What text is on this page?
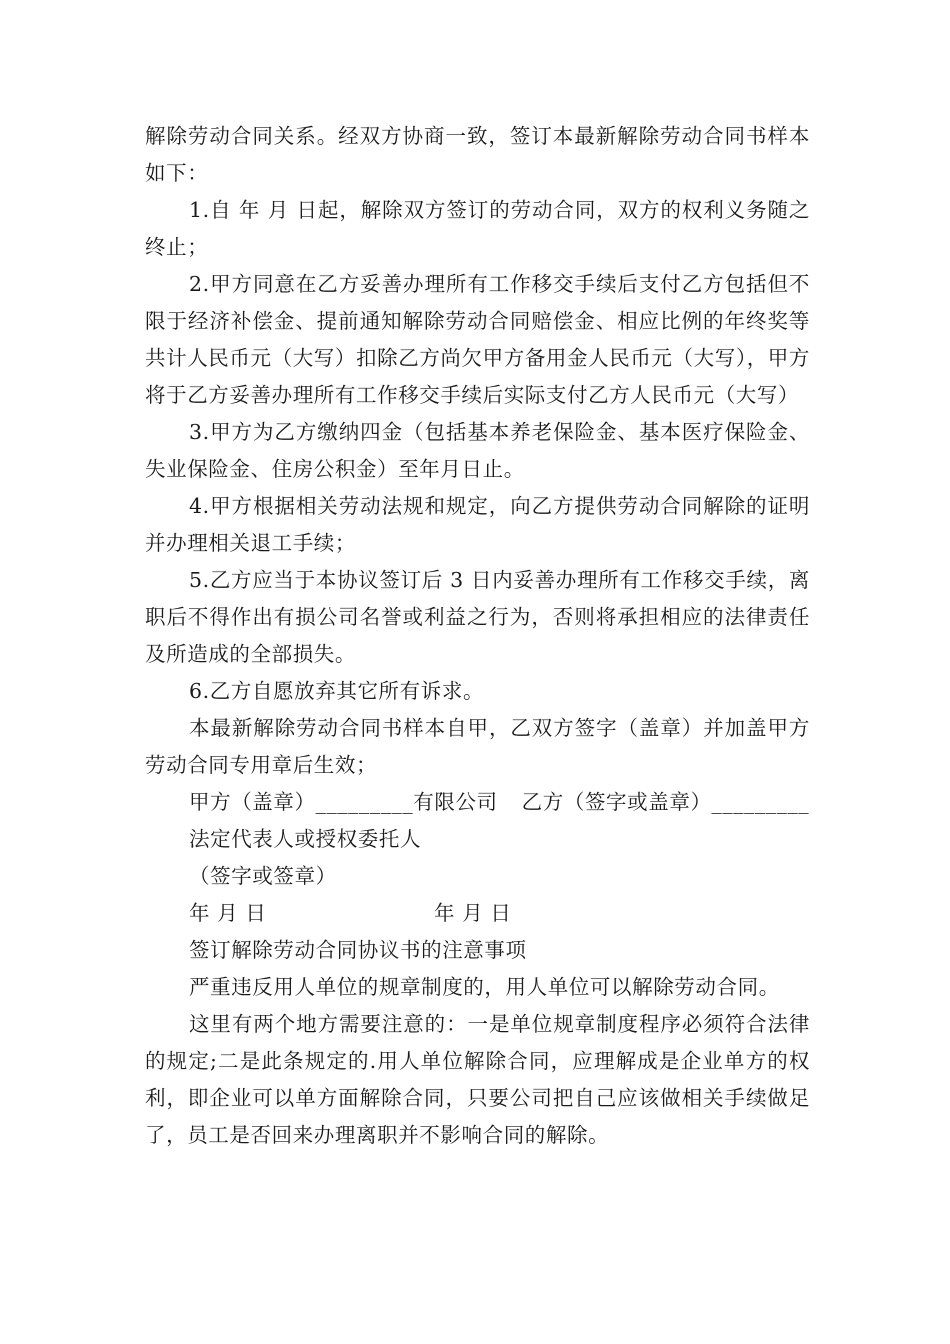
解除劳动合同关系。经双方协商一致，签订本最新解除劳动合同书样本如下：

1.自 年 月 日起，解除双方签订的劳动合同，双方的权利义务随之终止；

2.甲方同意在乙方妥善办理所有工作移交手续后支付乙方包括但不限于经济补偿金、提前通知解除劳动合同赔偿金、相应比例的年终奖等共计人民币元（大写）扣除乙方尚欠甲方备用金人民币元（大写），甲方将于乙方妥善办理所有工作移交手续后实际支付乙方人民币元（大写）

3.甲方为乙方缴纳四金（包括基本养老保险金、基本医疗保险金、失业保险金、住房公积金）至年月日止。

4.甲方根据相关劳动法规和规定，向乙方提供劳动合同解除的证明并办理相关退工手续；

5.乙方应当于本协议签订后 3 日内妥善办理所有工作移交手续，离职后不得作出有损公司名誉或利益之行为，否则将承担相应的法律责任及所造成的全部损失。

6.乙方自愿放弃其它所有诉求。

本最新解除劳动合同书样本自甲，乙双方签字（盖章）并加盖甲方劳动合同专用章后生效；

甲方（盖章）_________有限公司 乙方（签字或盖章）_________

法定代表人或授权委托人

（签字或签章）

年 月 日	年 月 日

签订解除劳动合同协议书的注意事项

严重违反用人单位的规章制度的，用人单位可以解除劳动合同。

这里有两个地方需要注意的：一是单位规章制度程序必须符合法律的规定;二是此条规定的.用人单位解除合同，应理解成是企业单方的权利，即企业可以单方面解除合同，只要公司把自己应该做相关手续做足了，员工是否回来办理离职并不影响合同的解除。
